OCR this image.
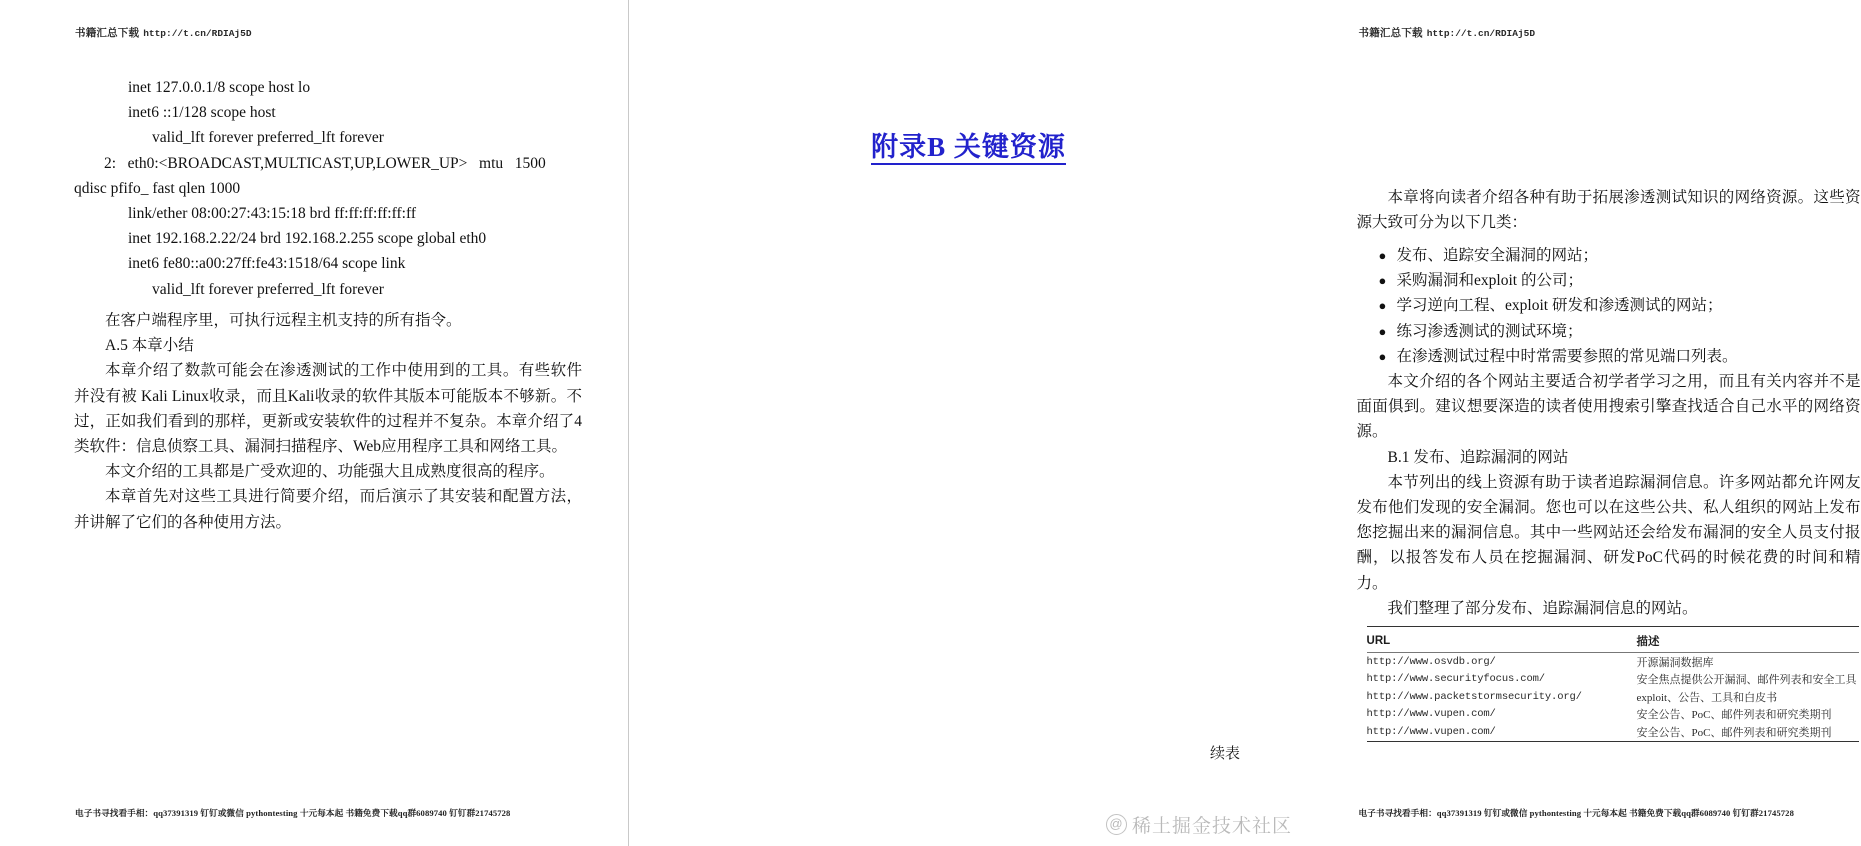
书籍汇总下载 http://t.cn/RDIAj5D
inet 127.0.0.1/8 scope host lo
inet6 ::1/128 scope host
valid_lft forever preferred_lft forever
2:   eth0:<BROADCAST,MULTICAST,UP,LOWER_UP>   mtu   1500
qdisc pfifo_ fast qlen 1000
link/ether 08:00:27:43:15:18 brd ff:ff:ff:ff:ff:ff
inet 192.168.2.22/24 brd 192.168.2.255 scope global eth0
inet6 fe80::a00:27ff:fe43:1518/64 scope link
valid_lft forever preferred_lft forever

在客户端程序里，可执行远程主机支持的所有指令。

A.5 本章小结

本章介绍了数款可能会在渗透测试的工作中使用到的工具。有些软件并没有被 Kali Linux收录，而且Kali收录的软件其版本可能版本不够新。不过，正如我们看到的那样，更新或安装软件的过程并不复杂。本章介绍了4类软件：信息侦察工具、漏洞扫描程序、Web应用程序工具和网络工具。

本文介绍的工具都是广受欢迎的、功能强大且成熟度很高的程序。

本章首先对这些工具进行简要介绍，而后演示了其安装和配置方法，并讲解了它们的各种使用方法。

电子书寻找看手相：qq37391319 钉钉或微信 pythontesting 十元每本起 书籍免费下载qq群6089740 钉钉群21745728
书籍汇总下载 http://t.cn/RDIAj5D
附录B 关键资源

本章将向读者介绍各种有助于拓展渗透测试知识的网络资源。这些资源大致可分为以下几类：

● 发布、追踪安全漏洞的网站；
● 采购漏洞和exploit 的公司；
● 学习逆向工程、exploit 研发和渗透测试的网站；
● 练习渗透测试的测试环境；
● 在渗透测试过程中时常需要参照的常见端口列表。

本文介绍的各个网站主要适合初学者学习之用，而且有关内容并不是面面俱到。建议想要深造的读者使用搜索引擎查找适合自己水平的网络资源。

B.1 发布、追踪漏洞的网站

本节列出的线上资源有助于读者追踪漏洞信息。许多网站都允许网友发布他们发现的安全漏洞。您也可以在这些公共、私人组织的网站上发布您挖掘出来的漏洞信息。其中一些网站还会给发布漏洞的安全人员支付报酬，以报答发布人员在挖掘漏洞、研发PoC代码的时候花费的时间和精力。

我们整理了部分发布、追踪漏洞信息的网站。

URL	描述
http://www.osvdb.org/	开源漏洞数据库
http://www.securityfocus.com/	安全焦点提供公开漏洞、邮件列表和安全工具
http://www.packetstormsecurity.org/	exploit、公告、工具和白皮书
http://www.vupen.com/	安全公告、PoC、邮件列表和研究类期刊
http://www.vupen.com/	安全公告、PoC、邮件列表和研究类期刊
续表
电子书寻找看手相：qq37391319 钉钉或微信 pythontesting 十元每本起 书籍免费下载qq群6089740 钉钉群21745728
@ 稀土掘金技术社区
